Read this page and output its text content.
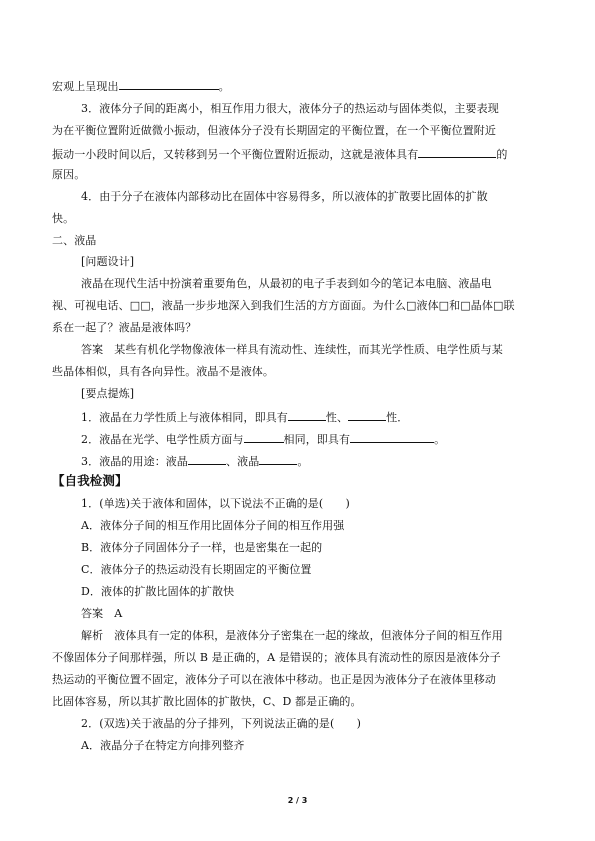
宏观上呈现出	。
3．液体分子间的距离小，相互作用力很大，液体分子的热运动与固体类似，主要表现
为在平衡位置附近做微小振动，但液体分子没有长期固定的平衡位置，在一个平衡位置附近
振动一小段时间以后，又转移到另一个平衡位置附近振动，这就是液体具有	的
原因。
4．由于分子在液体内部移动比在固体中容易得多，所以液体的扩散要比固体的扩散
快。
二、液晶
[问题设计]
液晶在现代生活中扮演着重要角色，从最初的电子手表到如今的笔记本电脑、液晶电
视、可视电话、□□，液晶一步步地深入到我们生活的方方面面。为什么□液体□和□晶体□联
系在一起了？液晶是液体吗？
答案　某些有机化学物像液体一样具有流动性、连续性，而其光学性质、电学性质与某
些晶体相似，具有各向异性。液晶不是液体。
[要点提炼]
1．液晶在力学性质上与液体相同，即具有	性、	性．
2．液晶在光学、电学性质方面与	相同，即具有	。
3．液晶的用途：液晶	、液晶	。
【自我检测】
1．(单选)关于液体和固体，以下说法不正确的是(　　)
A．液体分子间的相互作用比固体分子间的相互作用强
B．液体分子同固体分子一样，也是密集在一起的
C．液体分子的热运动没有长期固定的平衡位置
D．液体的扩散比固体的扩散快
答案　A
解析　液体具有一定的体积，是液体分子密集在一起的缘故，但液体分子间的相互作用
不像固体分子间那样强，所以 B 是正确的，A 是错误的；液体具有流动性的原因是液体分子
热运动的平衡位置不固定，液体分子可以在液体中移动。也正是因为液体分子在液体里移动
比固体容易，所以其扩散比固体的扩散快，C、D 都是正确的。
2．(双选)关于液晶的分子排列，下列说法正确的是(　　)
A．液晶分子在特定方向排列整齐
2 / 3
